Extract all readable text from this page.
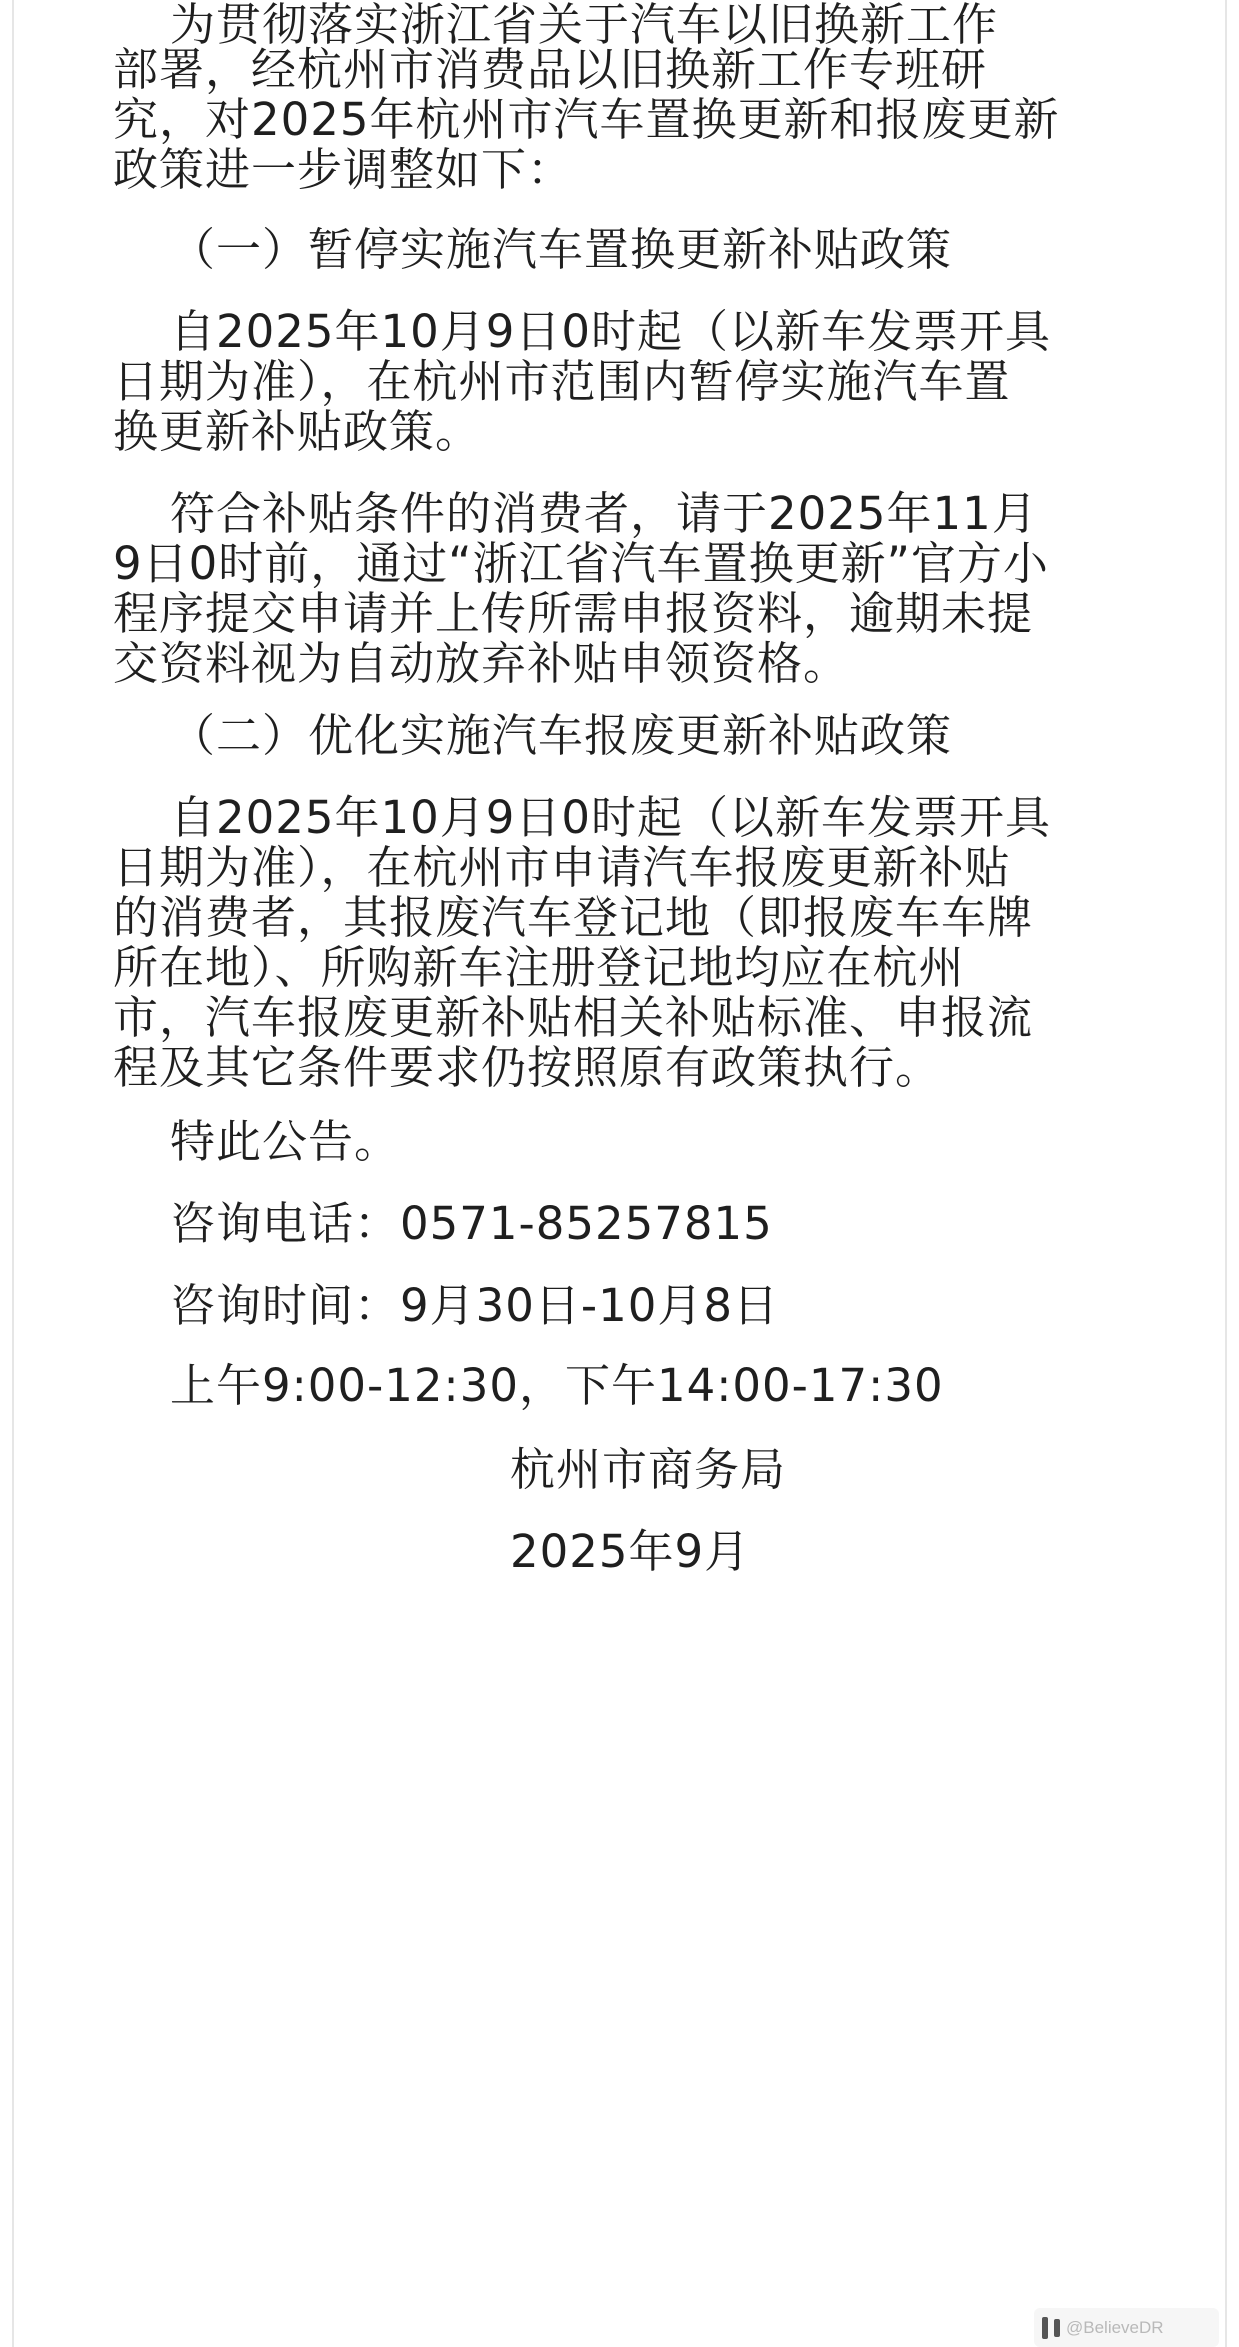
为贯彻落实浙江省关于汽车以旧换新工作
部署，经杭州市消费品以旧换新工作专班研
究，对2025年杭州市汽车置换更新和报废更新
政策进一步调整如下：
（一）暂停实施汽车置换更新补贴政策
自2025年10月9日0时起（以新车发票开具
日期为准），在杭州市范围内暂停实施汽车置
换更新补贴政策。
符合补贴条件的消费者，请于2025年11月
9日0时前，通过“浙江省汽车置换更新”官方小
程序提交申请并上传所需申报资料，逾期未提
交资料视为自动放弃补贴申领资格。
（二）优化实施汽车报废更新补贴政策
自2025年10月9日0时起（以新车发票开具
日期为准），在杭州市申请汽车报废更新补贴
的消费者，其报废汽车登记地（即报废车车牌
所在地）、所购新车注册登记地均应在杭州
市，汽车报废更新补贴相关补贴标准、申报流
程及其它条件要求仍按照原有政策执行。
特此公告。
咨询电话：0571-85257815
咨询时间：9月30日-10月8日
上午9:00-12:30，下午14:00-17:30
杭州市商务局
2025年9月
@BelieveDR
